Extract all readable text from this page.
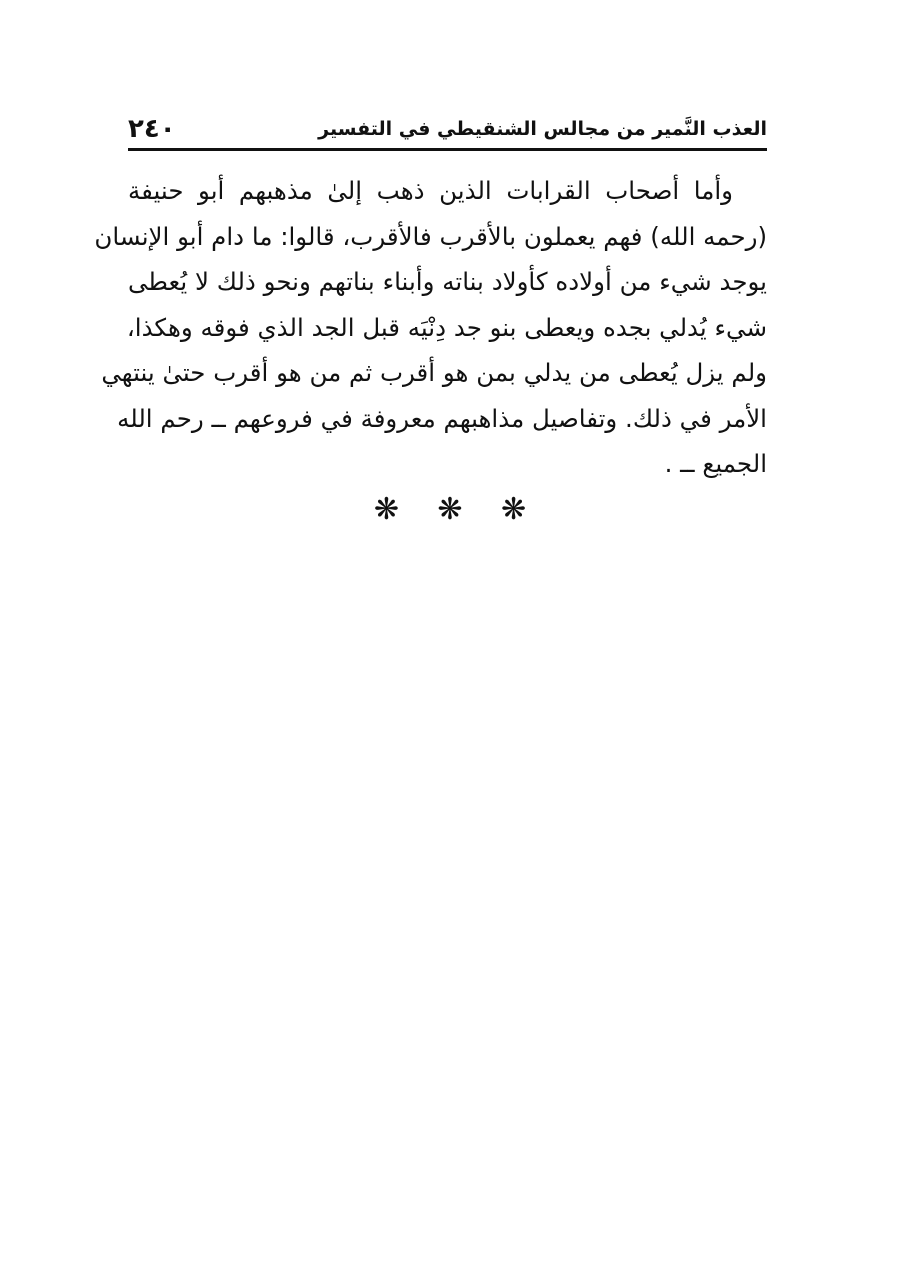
العذب النَّمير من مجالس الشنقيطي في التفسير
٢٤٠
وأما أصحاب القرابات الذين ذهب إلىٰ مذهبهم أبو حنيفة
(رحمه الله) فهم يعملون بالأقرب فالأقرب، قالوا: ما دام أبو الإنسان
يوجد شيء من أولاده كأولاد بناته وأبناء بناتهم ونحو ذلك لا يُعطى
شيء يُدلي بجده ويعطى بنو جد دِنْيَه قبل الجد الذي فوقه وهكذا،
ولم يزل يُعطى من يدلي بمن هو أقرب ثم من هو أقرب حتىٰ ينتهي
الأمر في ذلك. وتفاصيل مذاهبهم معروفة في فروعهم ــ رحم الله
الجميع ــ .
❋ ❋ ❋
